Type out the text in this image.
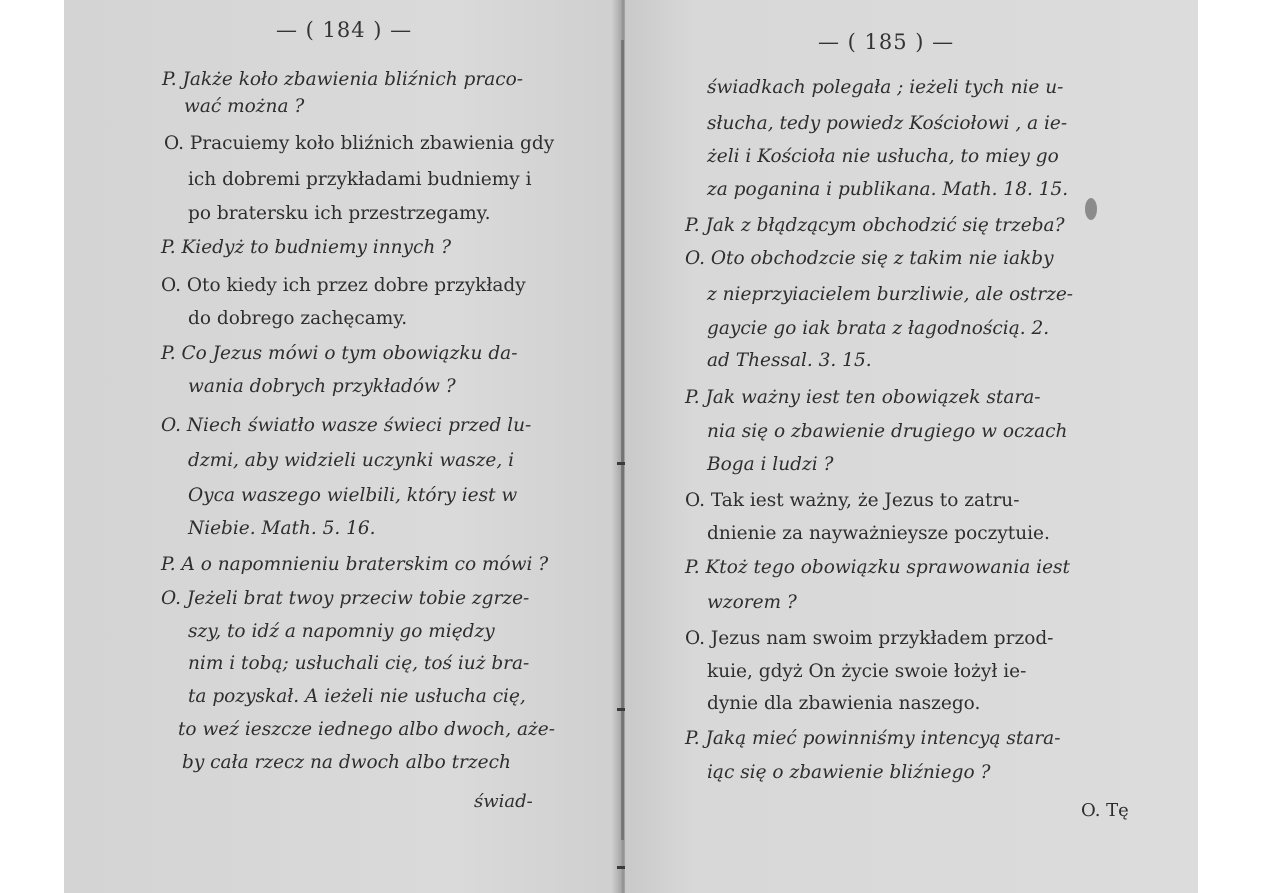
— ( 184 ) —
P. Jakże koło zbawienia bliźnich praco-
wać można ?
O. Pracuiemy koło bliźnich zbawienia gdy
ich dobremi przykładami budniemy i
po bratersku ich przestrzegamy.
P. Kiedyż to budniemy innych ?
O. Oto kiedy ich przez dobre przykłady
do dobrego zachęcamy.
P. Co Jezus mówi o tym obowiązku da-
wania dobrych przykładów ?
O. Niech światło wasze świeci przed lu-
dzmi, aby widzieli uczynki wasze, i
Oyca waszego wielbili, który iest w
Niebie. Math. 5. 16.
P. A o napomnieniu braterskim co mówi ?
O. Jeżeli brat twoy przeciw tobie zgrze-
szy, to idź a napomniy go między
nim i tobą; usłuchali cię, toś iuż bra-
ta pozyskał. A ieżeli nie usłucha cię,
to weź ieszcze iednego albo dwoch, aże-
by cała rzecz na dwoch albo trzech
świad-
— ( 185 ) —
świadkach polegała ; ieżeli tych nie u-
słucha, tedy powiedz Kościołowi , a ie-
żeli i Kościoła nie usłucha, to miey go
za poganina i publikana. Math. 18. 15.
P. Jak z błądzącym obchodzić się trzeba?
O. Oto obchodzcie się z takim nie iakby
z nieprzyiacielem burzliwie, ale ostrze-
gaycie go iak brata z łagodnością. 2.
ad Thessal. 3. 15.
P. Jak ważny iest ten obowiązek stara-
nia się o zbawienie drugiego w oczach
Boga i ludzi ?
O. Tak iest ważny, że Jezus to zatru-
dnienie za nayważnieysze poczytuie.
P. Ktoż tego obowiązku sprawowania iest
wzorem ?
O. Jezus nam swoim przykładem przod-
kuie, gdyż On życie swoie łożył ie-
dynie dla zbawienia naszego.
P. Jaką mieć powinniśmy intencyą stara-
iąc się o zbawienie bliźniego ?
O. Tę
